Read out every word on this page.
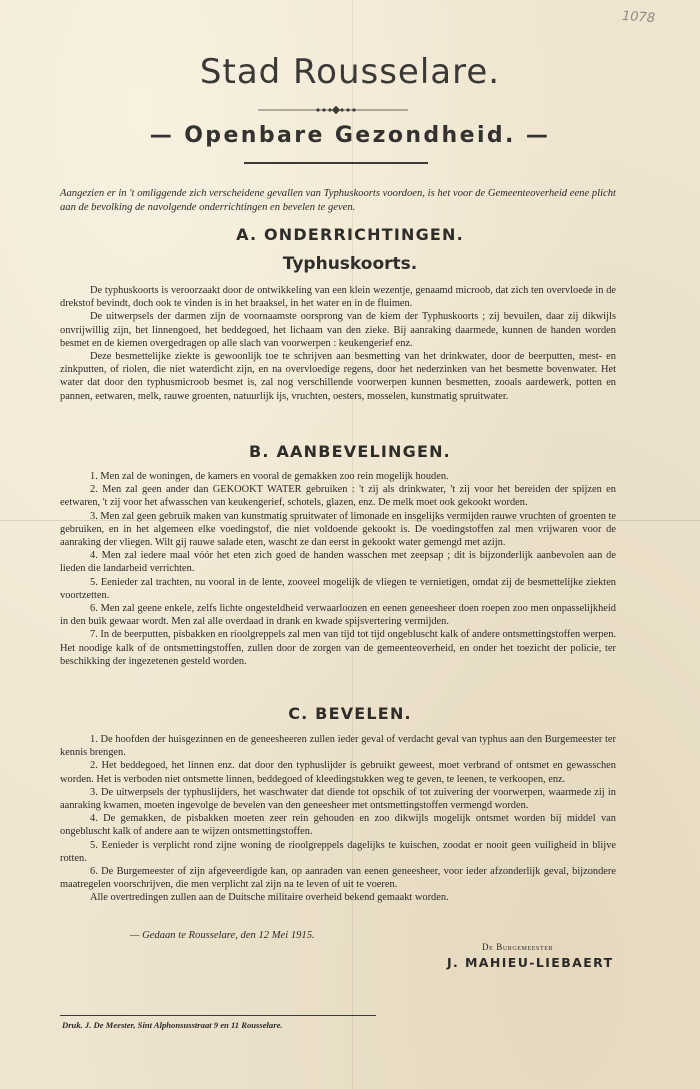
1078
Stad Rousselare.
— Openbare Gezondheid. —
Aangezien er in 't omliggende zich verscheidene gevallen van Typhuskoorts voordoen, is het voor de Gemeenteoverheid eene plicht aan de bevolking de navolgende onderrichtingen en bevelen te geven.
A. ONDERRICHTINGEN.
Typhuskoorts.

De typhuskoorts is veroorzaakt door de ontwikkeling van een klein wezentje, genaamd microob, dat zich ten overvloede in de drekstof bevindt, doch ook te vinden is in het braaksel, in het water en in de fluimen.

De uitwerpsels der darmen zijn de voornaamste oorsprong van de kiem der Typhuskoorts ; zij bevuilen, daar zij dikwijls onvrijwillig zijn, het linnengoed, het beddegoed, het lichaam van den zieke. Bij aanraking daarmede, kunnen de handen worden besmet en de kiemen overgedragen op alle slach van voorwerpen : keukengerief enz.

Deze besmettelijke ziekte is gewoonlijk toe te schrijven aan besmetting van het drinkwater, door de beerputten, mest- en zinkputten, of riolen, die niet waterdicht zijn, en na overvloedige regens, door het nederzinken van het besmette bovenwater. Het water dat door den typhusmicroob besmet is, zal nog verschillende voorwerpen kunnen besmetten, zooals aardewerk, potten en pannen, eetwaren, melk, rauwe groenten, natuurlijk ijs, vruchten, oesters, mosselen, kunstmatig spruitwater.

B. AANBEVELINGEN.

1. Men zal de woningen, de kamers en vooral de gemakken zoo rein mogelijk houden.

2. Men zal geen ander dan GEKOOKT WATER gebruiken : 't zij als drinkwater, 't zij voor het bereiden der spijzen en eetwaren, 't zij voor het afwasschen van keukengerief, schotels, glazen, enz. De melk moet ook gekookt worden.

3. Men zal geen gebruik maken van kunstmatig spruitwater of limonade en insgelijks vermijden rauwe vruchten of groenten te gebruiken, en in het algemeen elke voedingstof, die niet voldoende gekookt is. De voedingstoffen zal men vrijwaren voor de aanraking der vliegen. Wilt gij rauwe salade eten, wascht ze dan eerst in gekookt water gemengd met azijn.

4. Men zal iedere maal vóór het eten zich goed de handen wasschen met zeepsap ; dit is bijzonderlijk aanbevolen aan de lieden die landarbeid verrichten.

5. Eenieder zal trachten, nu vooral in de lente, zooveel mogelijk de vliegen te vernietigen, omdat zij de besmettelijke ziekten voortzetten.

6. Men zal geene enkele, zelfs lichte ongesteldheid verwaarloozen en eenen geneesheer doen roepen zoo men onpasselijkheid in den buik gewaar wordt. Men zal alle overdaad in drank en kwade spijsvertering vermijden.

7. In de beerputten, pisbakken en rioolgreppels zal men van tijd tot tijd ongebluscht kalk of andere ontsmettingstoffen werpen. Het noodige kalk of de ontsmettingstoffen, zullen door de zorgen van de gemeenteoverheid, en onder het toezicht der policie, ter beschikking der ingezetenen gesteld worden.

C. BEVELEN.

1. De hoofden der huisgezinnen en de geneesheeren zullen ieder geval of verdacht geval van typhus aan den Burgemeester ter kennis brengen.

2. Het beddegoed, het linnen enz. dat door den typhuslijder is gebruikt geweest, moet verbrand of ontsmet en gewasschen worden. Het is verboden niet ontsmette linnen, beddegoed of kleedingstukken weg te geven, te leenen, te verkoopen, enz.

3. De uitwerpsels der typhuslijders, het waschwater dat diende tot opschik of tot zuivering der voorwerpen, waarmede zij in aanraking kwamen, moeten ingevolge de bevelen van den geneesheer met ontsmettingstoffen vermengd worden.

4. De gemakken, de pisbakken moeten zeer rein gehouden en zoo dikwijls mogelijk ontsmet worden bij middel van ongebluscht kalk of andere aan te wijzen ontsmettingstoffen.

5. Eenieder is verplicht rond zijne woning de rioolgreppels dagelijks te kuischen, zoodat er nooit geen vuiligheid in blijve rotten.

6. De Burgemeester of zijn afgeveerdigde kan, op aanraden van eenen geneesheer, voor ieder afzonderlijk geval, bijzondere maatregelen voorschrijven, die men verplicht zal zijn na te leven of uit te voeren.

Alle overtredingen zullen aan de Duitsche militaire overheid bekend gemaakt worden.

— Gedaan te Rousselare, den 12 Mei 1915.
De Burgemeester
J. MAHIEU-LIEBAERT
Druk. J. De Meester, Sint Alphonsusstraat 9 en 11 Rousselare.
